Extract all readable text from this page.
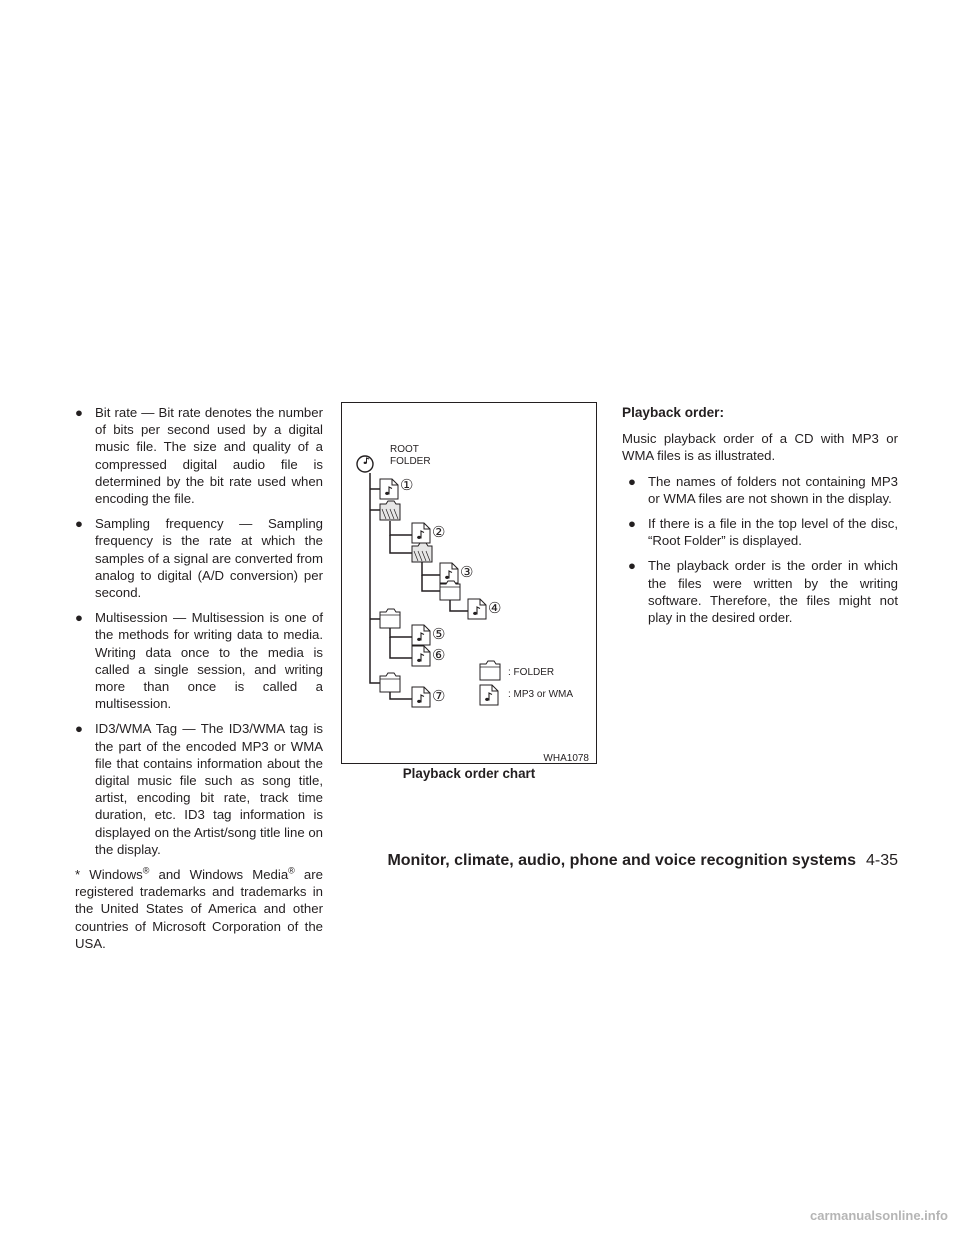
● Bit rate — Bit rate denotes the number of bits per second used by a digital music file. The size and quality of a compressed digital audio file is determined by the bit rate used when encoding the file.
● Sampling frequency — Sampling frequency is the rate at which the samples of a signal are converted from analog to digital (A/D conversion) per second.
● Multisession — Multisession is one of the methods for writing data to media. Writing data once to the media is called a single session, and writing more than once is called a multisession.
● ID3/WMA Tag — The ID3/WMA tag is the part of the encoded MP3 or WMA file that contains information about the digital music file such as song title, artist, encoding bit rate, track time duration, etc. ID3 tag information is displayed on the Artist/song title line on the display.

* Windows® and Windows Media® are registered trademarks and trademarks in the United States of America and other countries of Microsoft Corporation of the USA.

ROOT
FOLDER
①
②
③
④
⑤
⑥
⑦
: FOLDER
: MP3 or WMA
WHA1078
Playback order chart
Playback order:

Music playback order of a CD with MP3 or WMA files is as illustrated.

● The names of folders not containing MP3 or WMA files are not shown in the display.
● If there is a file in the top level of the disc, “Root Folder” is displayed.
● The playback order is the order in which the files were written by the writing software. Therefore, the files might not play in the desired order.
Monitor, climate, audio, phone and voice recognition systems 4-35
carmanualsonline.info
